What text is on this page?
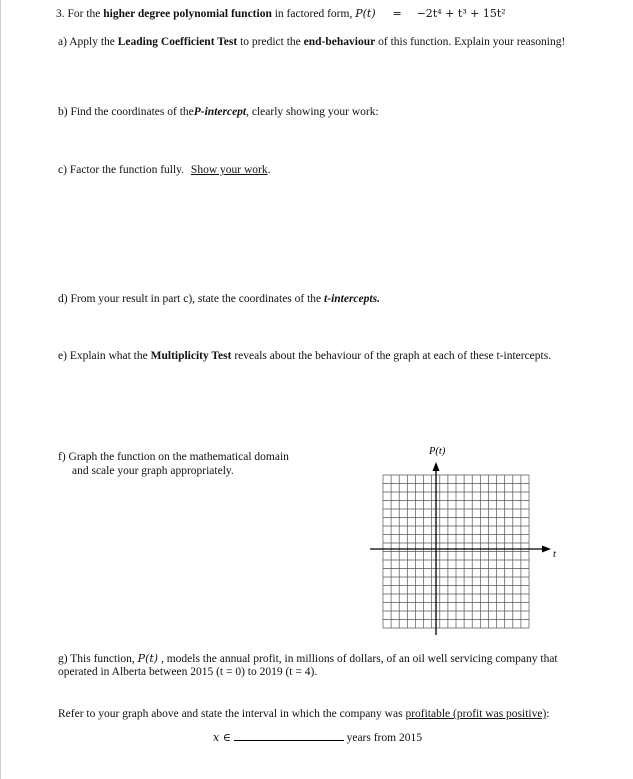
3. For the higher degree polynomial function in factored form, P(t) = −2t⁴ + t³ + 15t²
a) Apply the Leading Coefficient Test to predict the end-behaviour of this function. Explain your reasoning!
b) Find the coordinates of theP-intercept, clearly showing your work:
c) Factor the function fully. Show your work.
d) From your result in part c), state the coordinates of the t-intercepts.
e) Explain what the Multiplicity Test reveals about the behaviour of the graph at each of these t-intercepts.
f) Graph the function on the mathematical domain
and scale your graph appropriately.
P(t)
t
g) This function, P(t) , models the annual profit, in millions of dollars, of an oil well servicing company that
operated in Alberta between 2015 (t = 0) to 2019 (t = 4).
Refer to your graph above and state the interval in which the company was profitable (profit was positive):
x ∈	years from 2015
